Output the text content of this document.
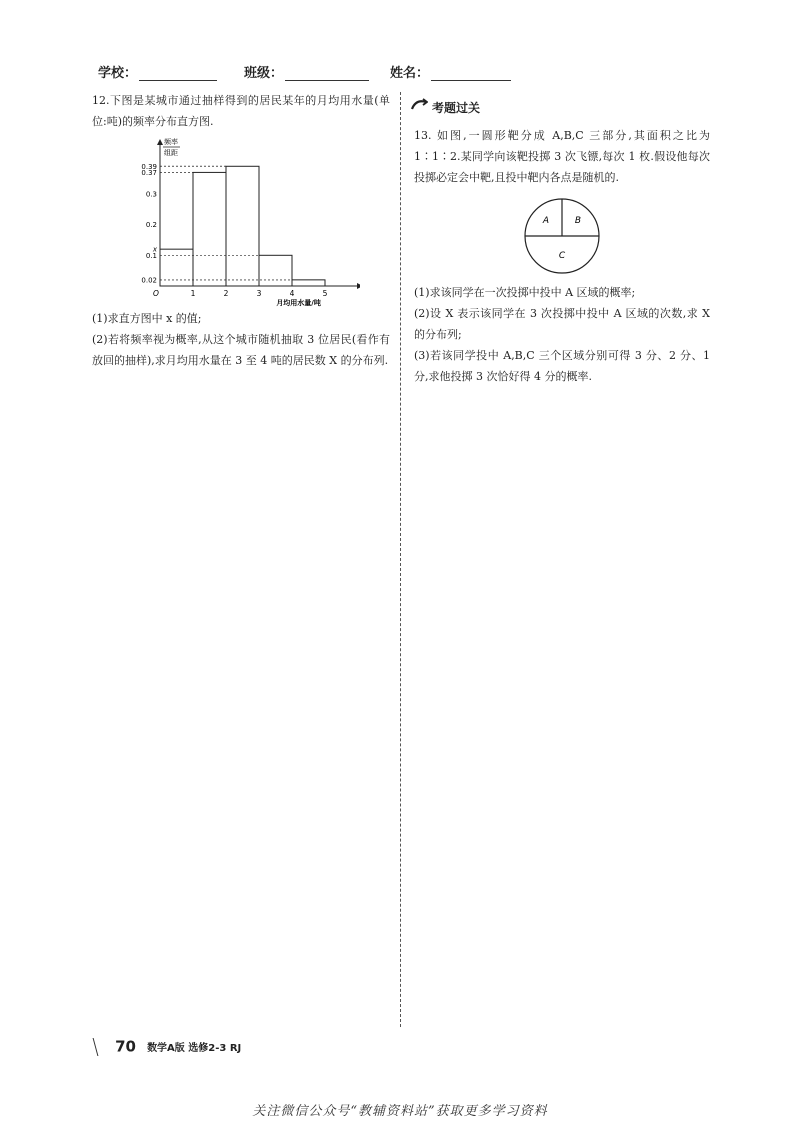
学校：	班级：	姓名：

12.下图是某城市通过抽样得到的居民某年的月均用水量(单位:吨)的频率分布直方图.

频率
组距
0.39
0.37
0.3
0.2
x
0.1
0.02
O	1	2	3	4	5
月均用水量/吨

(1)求直方图中 x 的值;

(2)若将频率视为概率,从这个城市随机抽取 3 位居民(看作有放回的抽样),求月均用水量在 3 至 4 吨的居民数 X 的分布列.

考题过关

13. 如图,一圆形靶分成 A,B,C 三部分,其面积之比为 1∶1∶2.某同学向该靶投掷 3 次飞镖,每次 1 枚.假设他每次投掷必定会中靶,且投中靶内各点是随机的.

A	B
C

(1)求该同学在一次投掷中投中 A 区域的概率;

(2)设 X 表示该同学在 3 次投掷中投中 A 区域的次数,求 X 的分布列;

(3)若该同学投中 A,B,C 三个区域分别可得 3 分、2 分、1 分,求他投掷 3 次恰好得 4 分的概率.

70 数学A版 选修2-3 RJ
关注微信公众号“教辅资料站”获取更多学习资料
